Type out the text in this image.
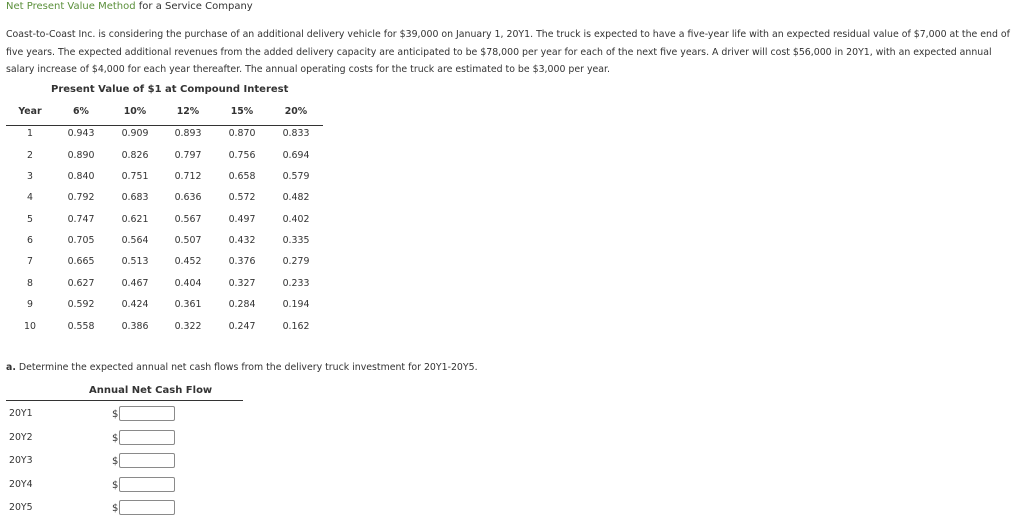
Net Present Value Method for a Service Company
Coast-to-Coast Inc. is considering the purchase of an additional delivery vehicle for $39,000 on January 1, 20Y1. The truck is expected to have a five-year life with an expected residual value of $7,000 at the end of five years. The expected additional revenues from the added delivery capacity are anticipated to be $78,000 per year for each of the next five years. A driver will cost $56,000 in 20Y1, with an expected annual salary increase of $4,000 for each year thereafter. The annual operating costs for the truck are estimated to be $3,000 per year.
Present Value of $1 at Compound Interest
Year	6%	10%	12%	15%	20%
1	0.943	0.909	0.893	0.870	0.833
2	0.890	0.826	0.797	0.756	0.694
3	0.840	0.751	0.712	0.658	0.579
4	0.792	0.683	0.636	0.572	0.482
5	0.747	0.621	0.567	0.497	0.402
6	0.705	0.564	0.507	0.432	0.335
7	0.665	0.513	0.452	0.376	0.279
8	0.627	0.467	0.404	0.327	0.233
9	0.592	0.424	0.361	0.284	0.194
10	0.558	0.386	0.322	0.247	0.162
a. Determine the expected annual net cash flows from the delivery truck investment for 20Y1-20Y5.
Annual Net Cash Flow
20Y1	$
20Y2	$
20Y3	$
20Y4	$
20Y5	$
